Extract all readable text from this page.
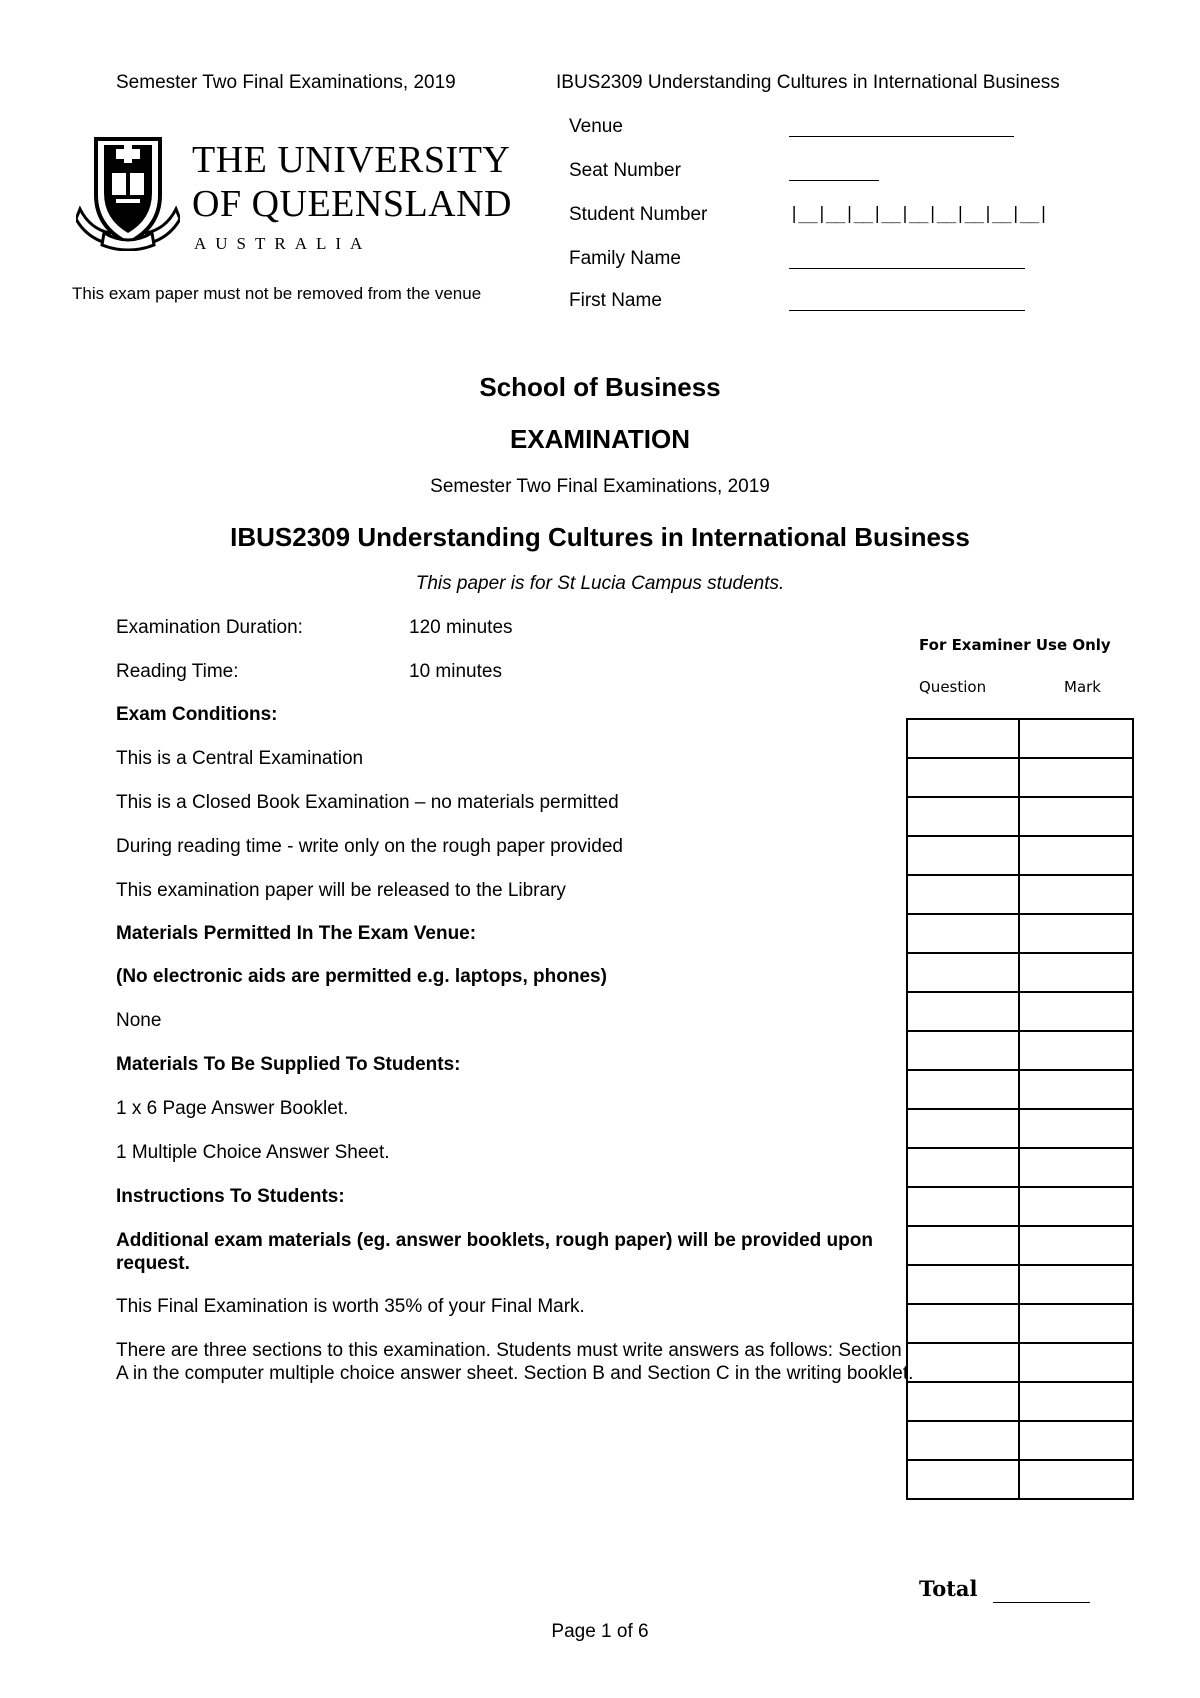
Semester Two Final Examinations, 2019	IBUS2309 Understanding Cultures in International Business
THE UNIVERSITY
OF QUEENSLAND
AUSTRALIA
This exam paper must not be removed from the venue
Venue
Seat Number
Student Number	|__|__|__|__|__|__|__|__|__|
Family Name
First Name
School of Business
EXAMINATION
Semester Two Final Examinations, 2019
IBUS2309 Understanding Cultures in International Business
This paper is for St Lucia Campus students.
Examination Duration:	120 minutes
Reading Time:	10 minutes
Exam Conditions:
This is a Central Examination
This is a Closed Book Examination – no materials permitted
During reading time - write only on the rough paper provided
This examination paper will be released to the Library
Materials Permitted In The Exam Venue:
(No electronic aids are permitted e.g. laptops, phones)
None
Materials To Be Supplied To Students:
1 x 6 Page Answer Booklet.
1 Multiple Choice Answer Sheet.
Instructions To Students:
Additional exam materials (eg. answer booklets, rough paper) will be provided upon request.
This Final Examination is worth 35% of your Final Mark.
There are three sections to this examination. Students must write answers as follows: Section A in the computer multiple choice answer sheet. Section B and Section C in the writing booklet.
For Examiner Use Only
Question	Mark

Total
Page 1 of 6
